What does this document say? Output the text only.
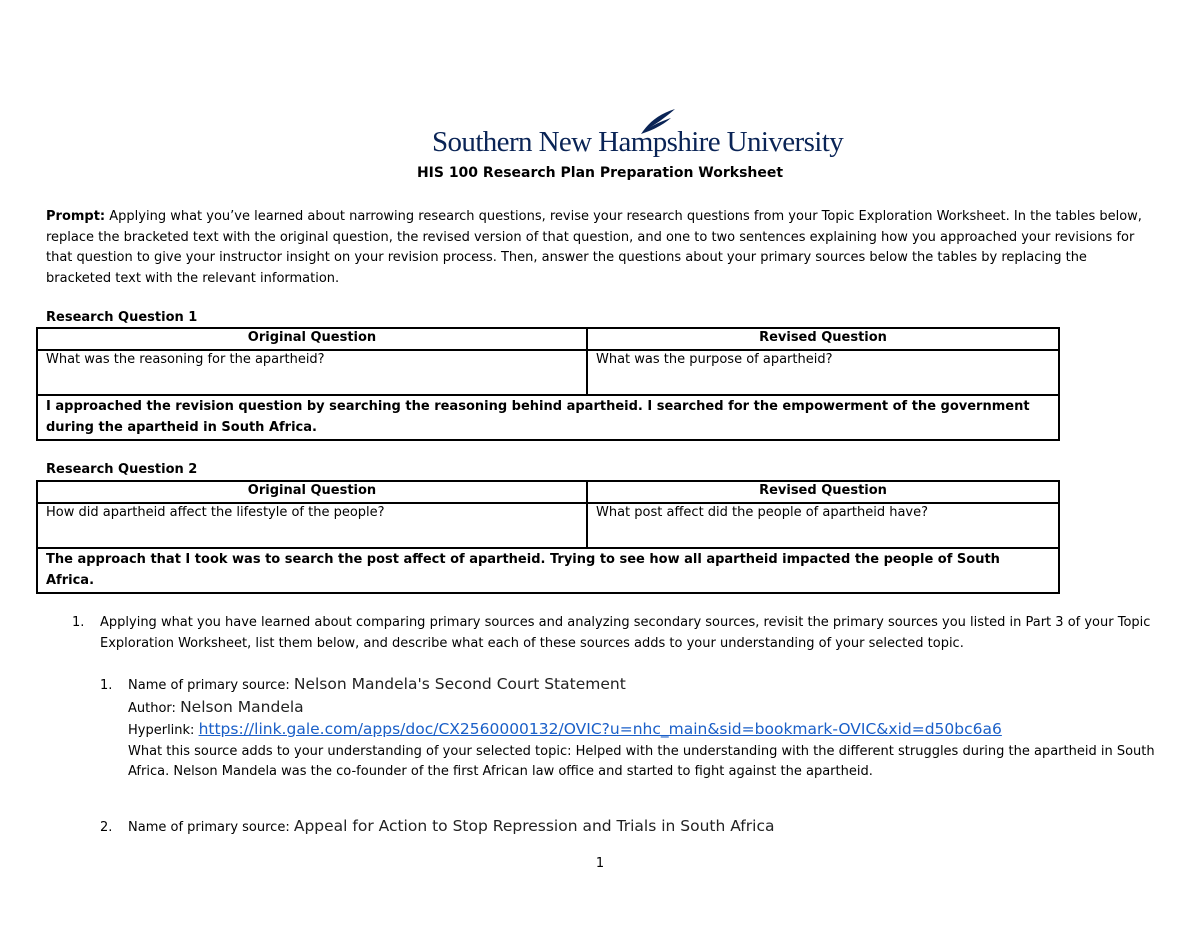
Southern New Hampshire University
HIS 100 Research Plan Preparation Worksheet
Prompt: Applying what you’ve learned about narrowing research questions, revise your research questions from your Topic Exploration Worksheet. In the tables below, replace the bracketed text with the original question, the revised version of that question, and one to two sentences explaining how you approached your revisions for that question to give your instructor insight on your revision process. Then, answer the questions about your primary sources below the tables by replacing the bracketed text with the relevant information.
Research Question 1
Original Question	Revised Question
What was the reasoning for the apartheid?	What was the purpose of apartheid?
I approached the revision question by searching the reasoning behind apartheid. I searched for the empowerment of the government during the apartheid in South Africa.	
Research Question 2
Original Question	Revised Question
How did apartheid affect the lifestyle of the people?	What post affect did the people of apartheid have?
The approach that I took was to search the post affect of apartheid. Trying to see how all apartheid impacted the people of South Africa.	
1. Applying what you have learned about comparing primary sources and analyzing secondary sources, revisit the primary sources you listed in Part 3 of your Topic Exploration Worksheet, list them below, and describe what each of these sources adds to your understanding of your selected topic.
1. Name of primary source: Nelson Mandela's Second Court Statement
Author: Nelson Mandela
Hyperlink: https://link.gale.com/apps/doc/CX2560000132/OVIC?u=nhc_main&sid=bookmark-OVIC&xid=d50bc6a6
What this source adds to your understanding of your selected topic: Helped with the understanding with the different struggles during the apartheid in South Africa. Nelson Mandela was the co-founder of the first African law office and started to fight against the apartheid.
2. Name of primary source: Appeal for Action to Stop Repression and Trials in South Africa
1
